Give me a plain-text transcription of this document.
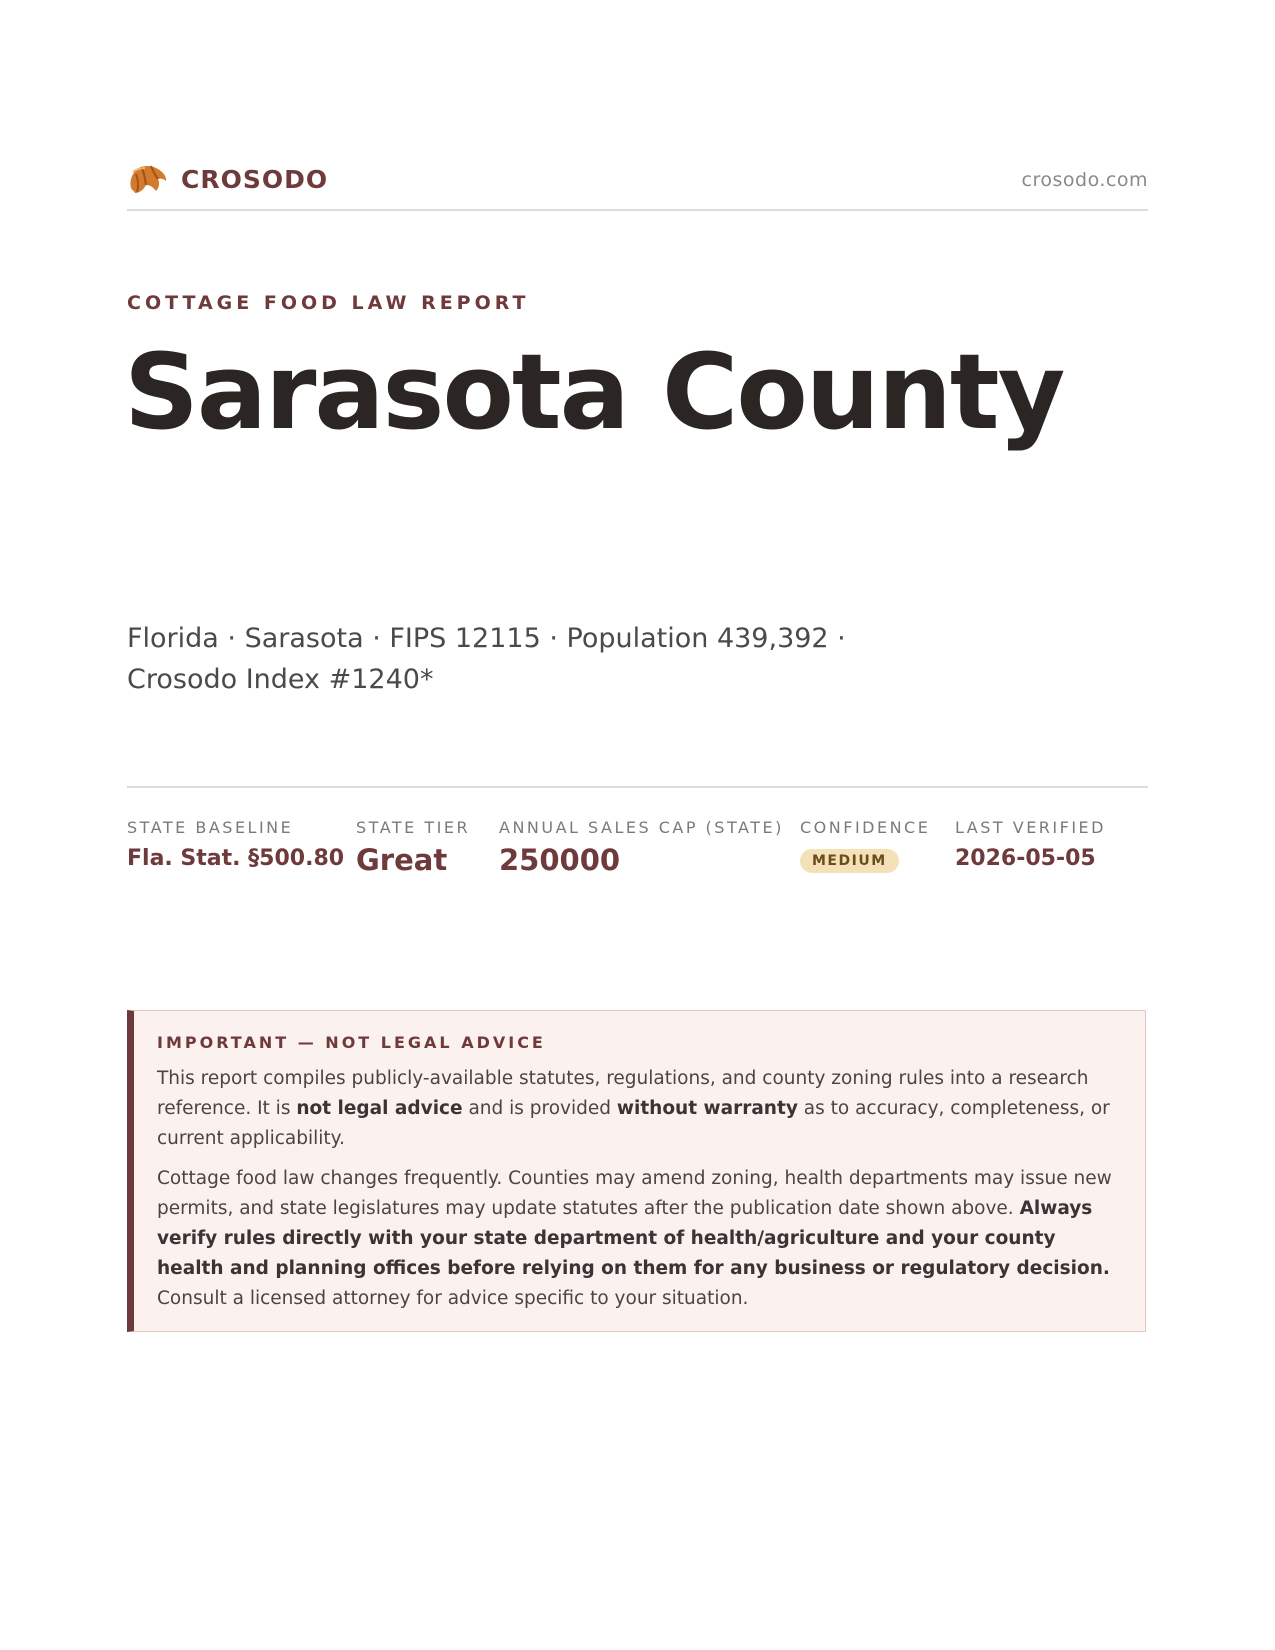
CROSODO	crosodo.com
COTTAGE FOOD LAW REPORT
Sarasota County
Florida · Sarasota · FIPS 12115 · Population 439,392 · Crosodo Index #1240*
STATE BASELINE
Fla. Stat. §500.80
STATE TIER
Great
ANNUAL SALES CAP (STATE)
250000
CONFIDENCE
MEDIUM
LAST VERIFIED
2026-05-05
IMPORTANT — NOT LEGAL ADVICE

This report compiles publicly-available statutes, regulations, and county zoning rules into a research reference. It is not legal advice and is provided without warranty as to accuracy, completeness, or current applicability.

Cottage food law changes frequently. Counties may amend zoning, health departments may issue new permits, and state legislatures may update statutes after the publication date shown above. Always verify rules directly with your state department of health/agriculture and your county health and planning offices before relying on them for any business or regulatory decision. Consult a licensed attorney for advice specific to your situation.
